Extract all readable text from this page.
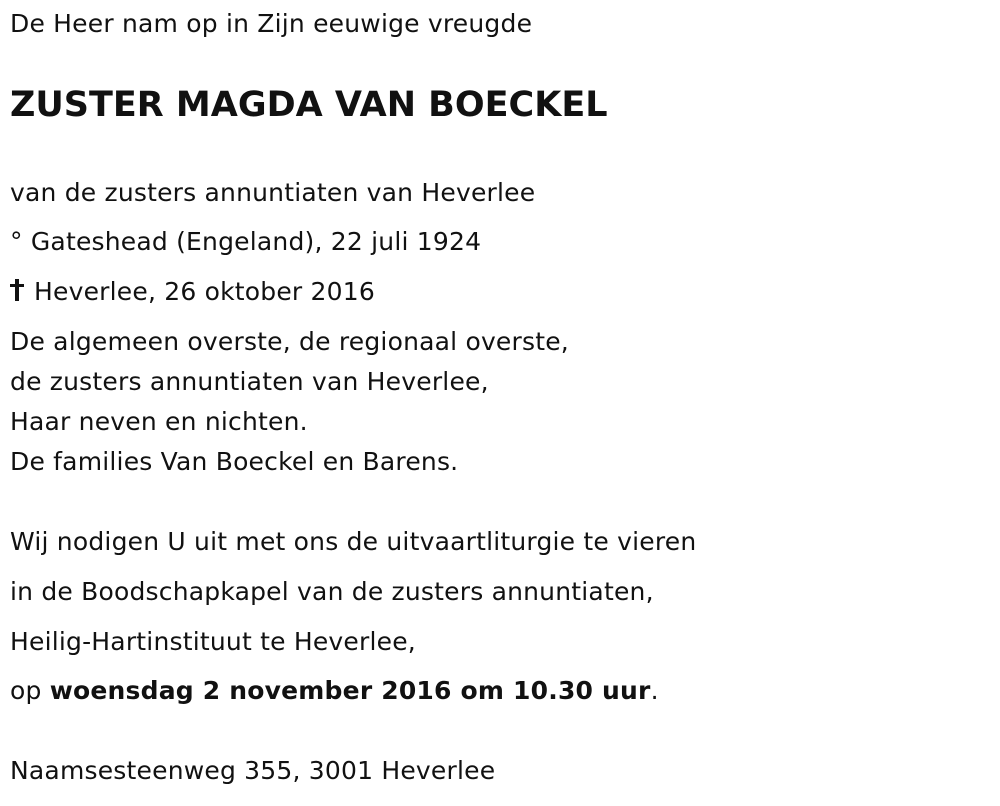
De Heer nam op in Zijn eeuwige vreugde

ZUSTER MAGDA VAN BOECKEL

van de zusters annuntiaten van Heverlee

° Gateshead (Engeland), 22 juli 1924

Heverlee, 26 oktober 2016

De algemeen overste, de regionaal overste,

de zusters annuntiaten van Heverlee,

Haar neven en nichten.

De families Van Boeckel en Barens.

Wij nodigen U uit met ons de uitvaartliturgie te vieren

in de Boodschapkapel van de zusters annuntiaten,

Heilig-Hartinstituut te Heverlee,

op woensdag 2 november 2016 om 10.30 uur.

Naamsesteenweg 355, 3001 Heverlee
